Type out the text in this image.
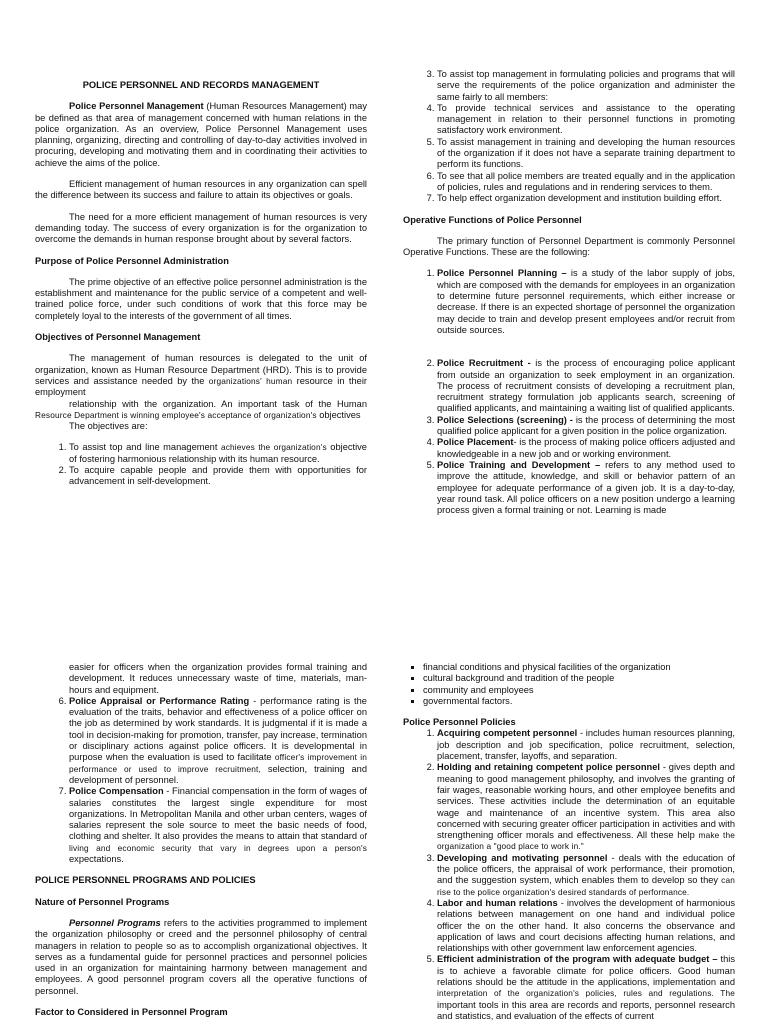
POLICE PERSONNEL AND RECORDS MANAGEMENT

Police Personnel Management (Human Resources Management) may be defined as that area of management concerned with human relations in the police organization. As an overview, Police Personnel Management uses planning, organizing, directing and controlling of day-to-day activities involved in procuring, developing and motivating them and in coordinating their activities to achieve the aims of the police.

Efficient management of human resources in any organization can spell the difference between its success and failure to attain its objectives or goals.

The need for a more efficient management of human resources is very demanding today. The success of every organization is for the organization to overcome the demands in human response brought about by several factors.

Purpose of Police Personnel Administration

The prime objective of an effective police personnel administration is the establishment and maintenance for the public service of a competent and well-trained police force, under such conditions of work that this force may be completely loyal to the interests of the government of all times.

Objectives of Personnel Management

The management of human resources is delegated to the unit of organization, known as Human Resource Department (HRD). This is to provide services and assistance needed by the organizations' human resource in their employment

relationship with the organization. An important task of the Human Resource Department is winning employee's acceptance of organization's objectives

The objectives are:

1. To assist top and line management achieves the organization's objective of fostering harmonious relationship with its human resource.
2. To acquire capable people and provide them with opportunities for advancement in self-development.
3. To assist top management in formulating policies and programs that will serve the requirements of the police organization and administer the same fairly to all members:
4. To provide technical services and assistance to the operating management in relation to their personnel functions in promoting satisfactory work environment.
5. To assist management in training and developing the human resources of the organization if it does not have a separate training department to perform its functions.
6. To see that all police members are treated equally and in the application of policies, rules and regulations and in rendering services to them.
7. To help effect organization development and institution building effort.
Operative Functions of Police Personnel

The primary function of Personnel Department is commonly Personnel Operative Functions. These are the following:

1. Police Personnel Planning – is a study of the labor supply of jobs, which are composed with the demands for employees in an organization to determine future personnel requirements, which either increase or decrease. If there is an expected shortage of personnel the organization may decide to train and develop present employees and/or recruit from outside sources.
2. Police Recruitment - is the process of encouraging police applicant from outside an organization to seek employment in an organization. The process of recruitment consists of developing a recruitment plan, recruitment strategy formulation job applicants search, screening of qualified applicants, and maintaining a waiting list of qualified applicants.
3. Police Selections (screening) - is the process of determining the most qualified police applicant for a given position in the police organization.
4. Police Placement- is the process of making police officers adjusted and knowledgeable in a new job and or working environment.
5. Police Training and Development – refers to any method used to improve the attitude, knowledge, and skill or behavior pattern of an employee for adequate performance of a given job. It is a day-to-day, year round task. All police officers on a new position undergo a learning process given a formal training or not. Learning is made

easier for officers when the organization provides formal training and development. It reduces unnecessary waste of time, materials, man-hours and equipment.

6. Police Appraisal or Performance Rating - performance rating is the evaluation of the traits, behavior and effectiveness of a police officer on the job as determined by work standards. It is judgmental if it is made a tool in decision-making for promotion, transfer, pay increase, termination or disciplinary actions against police officers. It is developmental in purpose when the evaluation is used to facilitate officer's improvement in performance or used to improve recruitment, selection, training and development of personnel.
7. Police Compensation - Financial compensation in the form of wages of salaries constitutes the largest single expenditure for most organizations. In Metropolitan Manila and other urban centers, wages of salaries represent the sole source to meet the basic needs of food, clothing and shelter. It also provides the means to attain that standard of living and economic security that vary in degrees upon a person's expectations.
POLICE PERSONNEL PROGRAMS AND POLICIES
Nature of Personnel Programs

Personnel Programs refers to the activities programmed to implement the organization philosophy or creed and the personnel philosophy of central managers in relation to people so as to accomplish organizational objectives. It serves as a fundamental guide for personnel practices and personnel policies used in an organization for maintaining harmony between management and employees. A good personnel program covers all the operative functions of personnel.

Factor to Considered in Personnel Program
▪ financial conditions and physical facilities of the organization
▪ cultural background and tradition of the people
▪ community and employees
▪ governmental factors.
Police Personnel Policies
1. Acquiring competent personnel - includes human resources planning, job description and job specification, police recruitment, selection, placement, transfer, layoffs, and separation.
2. Holding and retaining competent police personnel - gives depth and meaning to good management philosophy, and involves the granting of fair wages, reasonable working hours, and other employee benefits and services. These activities include the determination of an equitable wage and maintenance of an incentive system. This area also concerned with securing greater officer participation in activities and with strengthening officer morals and effectiveness. All these help make the organization a "good place to work in."
3. Developing and motivating personnel - deals with the education of the police officers, the appraisal of work performance, their promotion, and the suggestion system, which enables them to develop so they can rise to the police organization's desired standards of performance.
4. Labor and human relations - involves the development of harmonious relations between management on one hand and individual police officer the on the other hand. It also concerns the observance and application of laws and court decisions affecting human relations, and relationships with other government law enforcement agencies.
5. Efficient administration of the program with adequate budget – this is to achieve a favorable climate for police officers. Good human relations should be the attitude in the applications, implementation and interpretation of the organization's policies, rules and regulations. The important tools in this area are records and reports, personnel research and statistics, and evaluation of the effects of current
